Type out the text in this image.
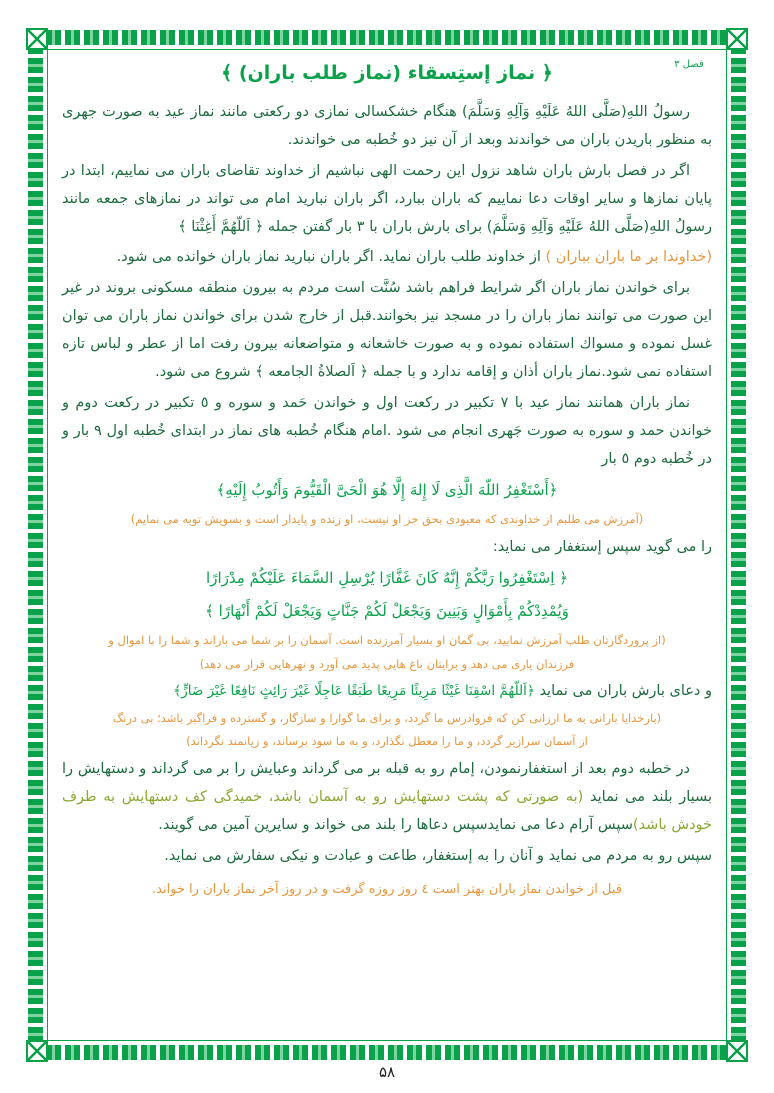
فصل ۳
﴿ نماز إستِسقاء (نماز طلب باران) ﴾

رسولُ اللهِ(صَلَّى اللهُ عَلَيْهِ وَآلِهِ وَسَلَّمَ) هنگام خشكسالى نمازى دو ركعتى مانند نماز عيد به صورت جهرى به منظور باريدن باران مى خواندند وبعد از آن نيز دو خُطبه مى خواندند.

اگر در فصل بارش باران شاهد نزول اين رحمت الهى نباشيم از خداوند تقاضاى باران مى نماييم، ابتدا در پايان نمازها و ساير اوقات دعا نماييم كه باران ببارد، اگر باران نباريد امام مى تواند در نمازهاى جمعه مانند رسولُ اللهِ(صَلَّى اللهُ عَلَيْهِ وَآلِهِ وَسَلَّمَ) براى بارش باران با ٣ بار گفتن جمله ﴿ اَللّهُمَّ أَغِثْنَا ﴾

(خداوندا بر ما باران بباران ) از خداوند طلب باران نمايد. اگر باران نباريد نماز باران خوانده مى شود.

براى خواندن نماز باران اگر شرايط فراهم باشد سُنَّت است مردم به بيرون منطقه مسكونى بروند در غير اين صورت مى توانند نماز باران را در مسجد نيز بخوانند.قبل از خارج شدن براى خواندن نماز باران مى توان غسل نموده و مسواك استفاده نموده و به صورت خاشعانه و متواضعانه بيرون رفت اما از عطر و لباس تازه استفاده نمى شود.نماز باران أذان و إقامه ندارد و با جمله ﴿ اَلصلاةُ الجامعه ﴾ شروع مى شود.

نماز باران همانند نماز عيد با ٧ تكبير در ركعت اول و خواندن حَمد و سوره و ٥ تكبير در ركعت دوم و خواندن حمد و سوره به صورت جَهرى انجام مى شود .امام هنگام خُطبه هاى نماز در ابتداى خُطبه اول ٩ بار و در خُطبه دوم ٥ بار

﴿أَسْتَغْفِرُ اللّهَ الَّذِى لَا إِلهَ إِلَّا هُوَ الْحَىَّ الْقَيُّومَ وَأَتُوبُ إِلَيْهِ﴾
(آمرزش مى طلبم از خداوندى كه معبودى بحق جز او نيست، او زنده و پايدار است و بسويش توبه مى نمايم)

را مى گويد سپس إستغفار مى نمايد:

﴿ اِسْتَغْفِرُوا رَبَّكُمْ إِنَّهُ كَانَ غَفَّارًا يُرْسِلِ السَّمَاءَ عَلَيْكُمْ مِدْرَارًا
وَيُمْدِدْكُمْ بِأَمْوَالٍ وَبَنِينَ وَيَجْعَلْ لَكُمْ جَنَّاتٍ وَيَجْعَلْ لَكُمْ أَنْهَارًا ﴾
(از پروردگارتان طلب آمرزش نماييد، بى گمان او بسيار آمرزنده است. آسمان را بر شما مى باراند و شما را با اموال و
فرزندان يارى مى دهد و برايتان باغ هايى پديد مى آورد و نهرهايى قرار مى دهد)

و دعاى بارش باران مى نمايد ﴿اَللّهُمَّ اسْقِنَا غَيْثًا مَرِيئًا مَرِيعًا طَبَقًا عَاجِلًا غَيْرَ رَائِثٍ نَافِعًا غَيْرَ ضَارٍّ﴾

(بارخدايا بارانى به ما ارزانى كن كه فروادرس ما گردد، و براى ما گوارا و سازگار، و گسترده و فراگير باشد؛ بى درنگ
از آسمان سرازير گردد، و ما را معطل نگذارد، و به ما سود برساند، و زيانمند نگرداند)

در خطبه دوم بعد از استغفارنمودن، إمام رو به قبله بر مى گرداند وعبايش را بر مى گرداند و دستهايش را بسيار بلند مى نمايد (به صورتى كه پشت دستهايش رو به آسمان باشد، خميدگى كف دستهايش به طرف خودش باشد)سپس آرام دعا مى نمايدسپس دعاها را بلند مى خواند و سايرين آمين مى گويند.

سپس رو به مردم مى نمايد و آنان را به إستغفار، طاعت و عبادت و نيكى سفارش مى نمايد.

قبل از خواندن نماز باران بهتر است ٤ روز روزه گرفت و در روز آخر نماز باران را خواند.
۵۸
